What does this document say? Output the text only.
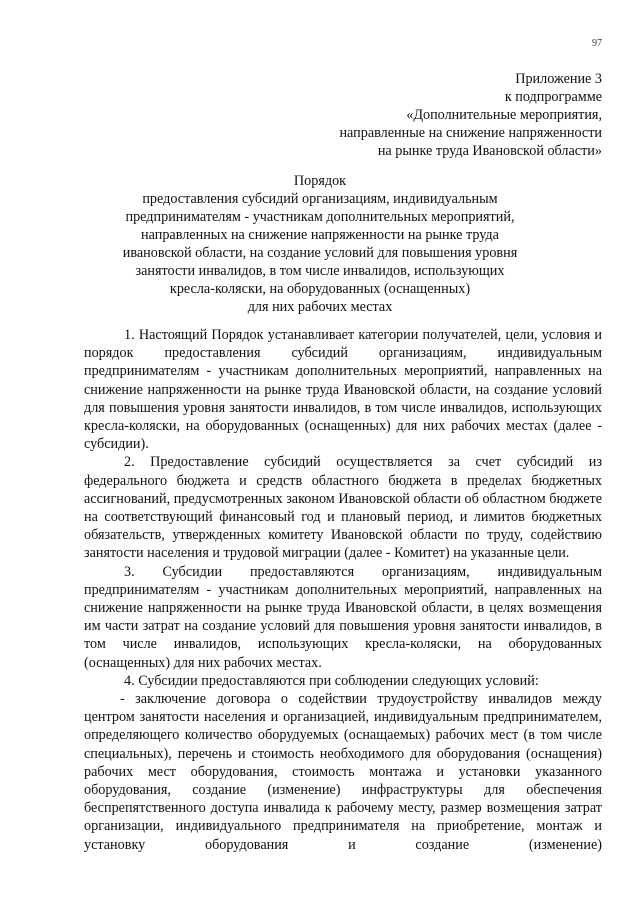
97
Приложение 3
к подпрограмме
«Дополнительные мероприятия,
направленные на снижение напряженности
на рынке труда Ивановской области»
Порядок
предоставления субсидий организациям, индивидуальным
предпринимателям - участникам дополнительных мероприятий,
направленных на снижение напряженности на рынке труда
ивановской области, на создание условий для повышения уровня
занятости инвалидов, в том числе инвалидов, использующих
кресла-коляски, на оборудованных (оснащенных)
для них рабочих местах

1. Настоящий Порядок устанавливает категории получателей, цели, условия и порядок предоставления субсидий организациям, индивидуальным предпринимателям - участникам дополнительных мероприятий, направленных на снижение напряженности на рынке труда Ивановской области, на создание условий для повышения уровня занятости инвалидов, в том числе инвалидов, использующих кресла-коляски, на оборудованных (оснащенных) для них рабочих местах (далее - субсидии).

2. Предоставление субсидий осуществляется за счет субсидий из федерального бюджета и средств областного бюджета в пределах бюджетных ассигнований, предусмотренных законом Ивановской области об областном бюджете на соответствующий финансовый год и плановый период, и лимитов бюджетных обязательств, утвержденных комитету Ивановской области по труду, содействию занятости населения и трудовой миграции (далее - Комитет) на указанные цели.

3. Субсидии предоставляются организациям, индивидуальным предпринимателям - участникам дополнительных мероприятий, направленных на снижение напряженности на рынке труда Ивановской области, в целях возмещения им части затрат на создание условий для повышения уровня занятости инвалидов, в том числе инвалидов, использующих кресла-коляски, на оборудованных (оснащенных) для них рабочих местах.

4. Субсидии предоставляются при соблюдении следующих условий:

- заключение договора о содействии трудоустройству инвалидов между центром занятости населения и организацией, индивидуальным предпринимателем, определяющего количество оборудуемых (оснащаемых) рабочих мест (в том числе специальных), перечень и стоимость необходимого для оборудования (оснащения) рабочих мест оборудования, стоимость монтажа и установки указанного оборудования, создание (изменение) инфраструктуры для обеспечения беспрепятственного доступа инвалида к рабочему месту, размер возмещения затрат организации, индивидуального предпринимателя на приобретение, монтаж и установку оборудования и создание (изменение)
